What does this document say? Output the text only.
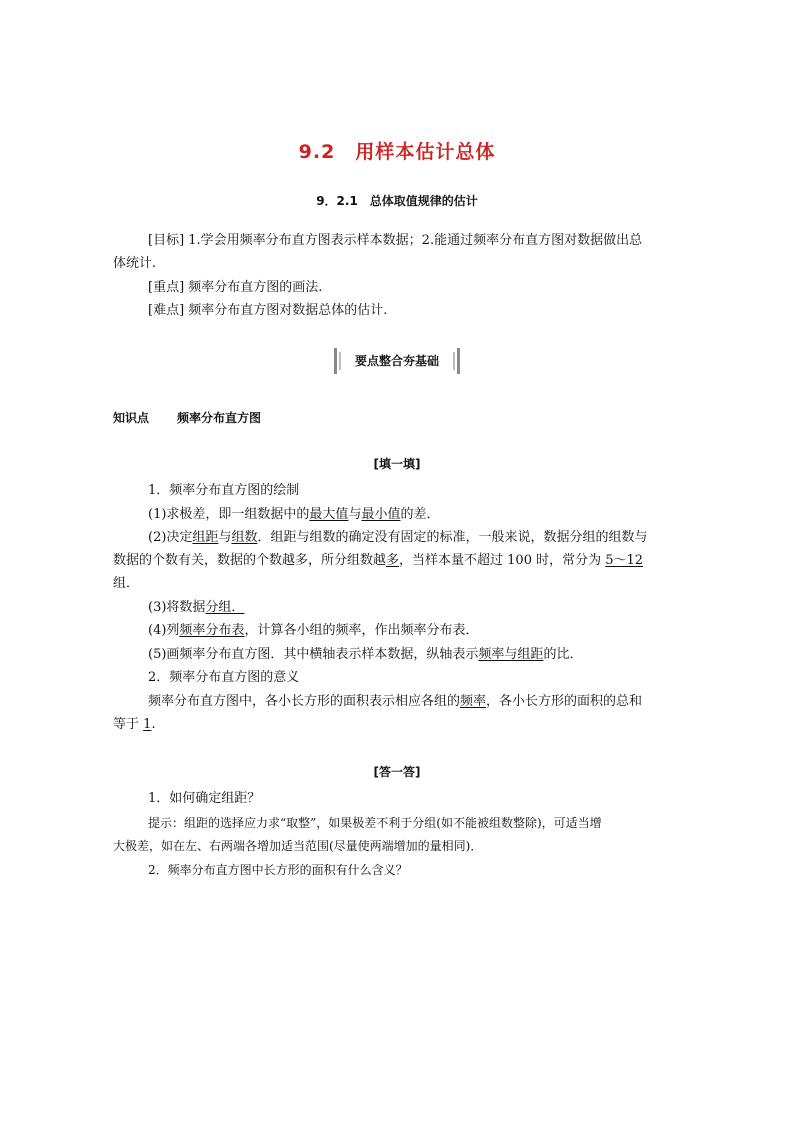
9.2　用样本估计总体
9．2.1　总体取值规律的估计
[目标] 1.学会用频率分布直方图表示样本数据；2.能通过频率分布直方图对数据做出总
体统计.
[重点] 频率分布直方图的画法.
[难点] 频率分布直方图对数据总体的估计.
要点整合夯基础
知识点 频率分布直方图
[填一填]
1．频率分布直方图的绘制
(1)求极差，即一组数据中的最大值与最小值的差．
(2)决定组距与组数．组距与组数的确定没有固定的标准，一般来说，数据分组的组数与
数据的个数有关，数据的个数越多，所分组数越多，当样本量不超过 100 时，常分为 5～12
组．
(3)将数据分组．
(4)列频率分布表，计算各小组的频率，作出频率分布表．
(5)画频率分布直方图．其中横轴表示样本数据，纵轴表示频率与组距的比．
2．频率分布直方图的意义
频率分布直方图中，各小长方形的面积表示相应各组的频率，各小长方形的面积的总和
等于 1.
[答一答]
1．如何确定组距？
提示：组距的选择应力求“取整”，如果极差不利于分组(如不能被组数整除)，可适当增
大极差，如在左、右两端各增加适当范围(尽量使两端增加的量相同)．
2．频率分布直方图中长方形的面积有什么含义？
